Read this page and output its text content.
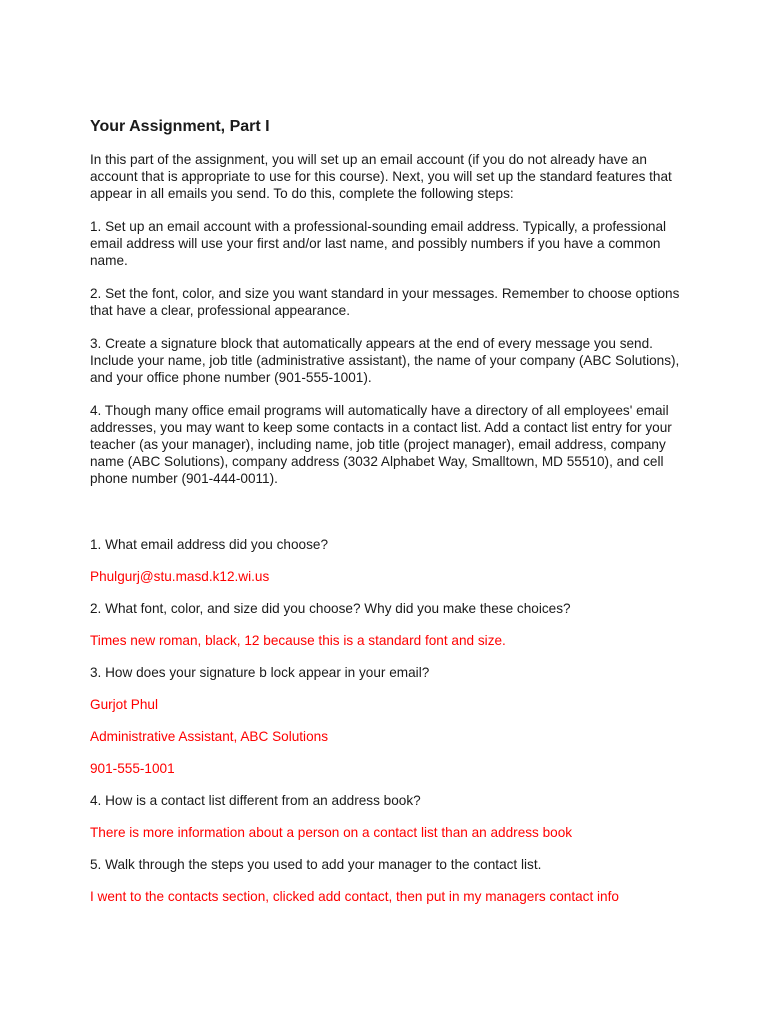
Your Assignment, Part I

In this part of the assignment, you will set up an email account (if you do not already have an account that is appropriate to use for this course). Next, you will set up the standard features that appear in all emails you send. To do this, complete the following steps:

1. Set up an email account with a professional-sounding email address. Typically, a professional email address will use your first and/or last name, and possibly numbers if you have a common name.

2. Set the font, color, and size you want standard in your messages. Remember to choose options that have a clear, professional appearance.

3. Create a signature block that automatically appears at the end of every message you send. Include your name, job title (administrative assistant), the name of your company (ABC Solutions), and your office phone number (901-555-1001).

4. Though many office email programs will automatically have a directory of all employees' email addresses, you may want to keep some contacts in a contact list. Add a contact list entry for your teacher (as your manager), including name, job title (project manager), email address, company name (ABC Solutions), company address (3032 Alphabet Way, Smalltown, MD 55510), and cell phone number (901-444-0011).

1. What email address did you choose?

Phulgurj@stu.masd.k12.wi.us

2. What font, color, and size did you choose? Why did you make these choices?

Times new roman, black, 12 because this is a standard font and size.

3. How does your signature b lock appear in your email?

Gurjot Phul

Administrative Assistant, ABC Solutions

901-555-1001

4. How is a contact list different from an address book?

There is more information about a person on a contact list than an address book

5. Walk through the steps you used to add your manager to the contact list.

I went to the contacts section, clicked add contact, then put in my managers contact info
